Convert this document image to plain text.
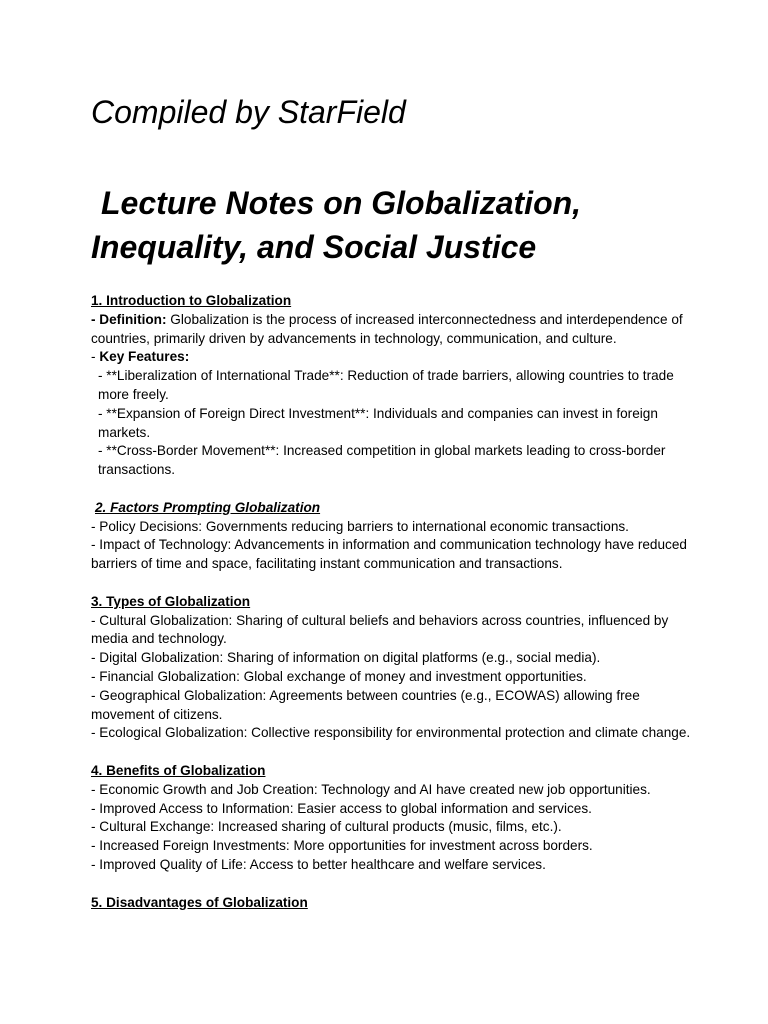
Compiled by StarField
Lecture Notes on Globalization,
Inequality, and Social Justice

1. Introduction to Globalization

- Definition: Globalization is the process of increased interconnectedness and interdependence of countries, primarily driven by advancements in technology, communication, and culture.

- Key Features:

- **Liberalization of International Trade**: Reduction of trade barriers, allowing countries to trade more freely.

- **Expansion of Foreign Direct Investment**: Individuals and companies can invest in foreign markets.

- **Cross-Border Movement**: Increased competition in global markets leading to cross-border transactions.

2. Factors Prompting Globalization

- Policy Decisions: Governments reducing barriers to international economic transactions.

- Impact of Technology: Advancements in information and communication technology have reduced barriers of time and space, facilitating instant communication and transactions.

3. Types of Globalization

- Cultural Globalization: Sharing of cultural beliefs and behaviors across countries, influenced by media and technology.

- Digital Globalization: Sharing of information on digital platforms (e.g., social media).

- Financial Globalization: Global exchange of money and investment opportunities.

- Geographical Globalization: Agreements between countries (e.g., ECOWAS) allowing free movement of citizens.

- Ecological Globalization: Collective responsibility for environmental protection and climate change.

4. Benefits of Globalization

- Economic Growth and Job Creation: Technology and AI have created new job opportunities.

- Improved Access to Information: Easier access to global information and services.

- Cultural Exchange: Increased sharing of cultural products (music, films, etc.).

- Increased Foreign Investments: More opportunities for investment across borders.

- Improved Quality of Life: Access to better healthcare and welfare services.

5. Disadvantages of Globalization
